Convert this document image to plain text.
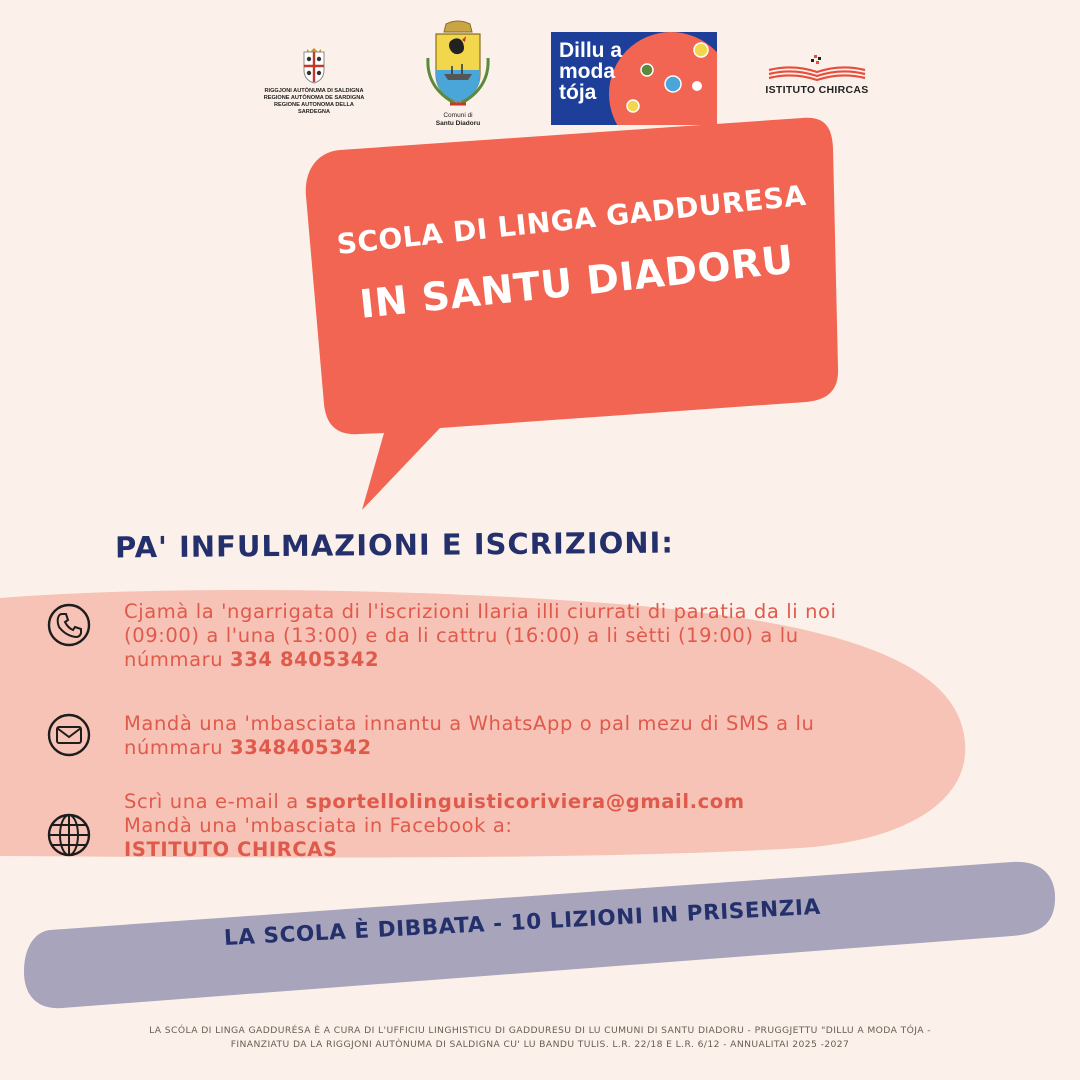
RIGGJONI AUTÒNUMA DI SALDIGNA
REGIONE AUTÒNOMA DE SARDIGNA
REGIONE AUTONOMA DELLA SARDEGNA	Comuni di
Santu Diadoru
Dillu a
moda
tója	ISTITUTO CHIRCAS
SCOLA DI LINGA GADDURESA
IN SANTU DIADORU
PA' INFULMAZIONI E ISCRIZIONI:
Cjamà la 'ngarrigata di l'iscrizioni Ilaria illi ciurrati di paratia da li noi (09:00) a l'una (13:00) e da li cattru (16:00) a li sètti (19:00) a lu númmaru 334 8405342
Mandà una 'mbasciata innantu a WhatsApp o pal mezu di SMS a lu númmaru 3348405342
Scrì una e-mail a sportellolinguisticoriviera@gmail.com
Mandà una 'mbasciata in Facebook a:
ISTITUTO CHIRCAS
LA SCOLA È DIBBATA - 10 LIZIONI IN PRISENZIA
LA SCÓLA DI LINGA GADDURÉSA È A CURA DI L'UFFICIU LINGHISTICU DI GADDURESU DI LU CUMUNI DI SANTU DIADORU - PRUGGJETTU "DILLU A MODA TÓJA -
FINANZIATU DA LA RIGGJONI AUTÒNUMA DI SALDIGNA CU' LU BANDU TULIS. L.R. 22/18 E L.R. 6/12 - ANNUALITAI 2025 -2027
